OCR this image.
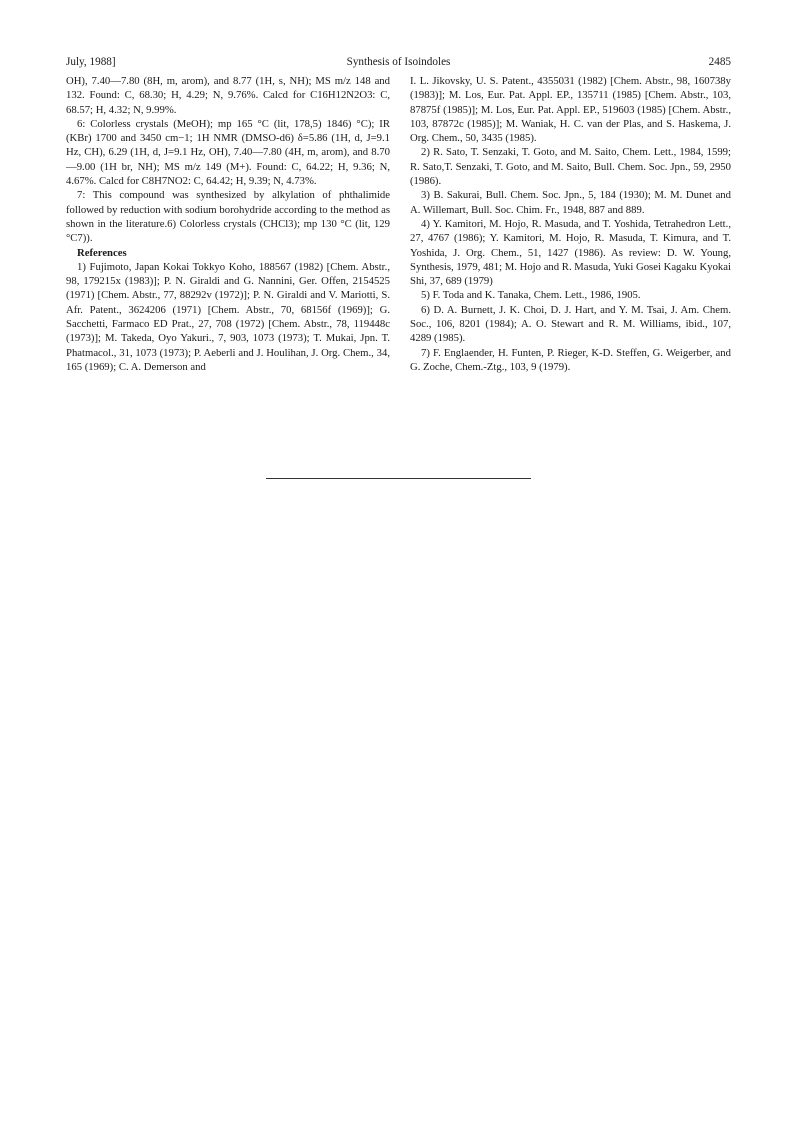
July, 1988]	Synthesis of Isoindoles	2485

OH), 7.40—7.80 (8H, m, arom), and 8.77 (1H, s, NH); MS m/z 148 and 132. Found: C, 68.30; H, 4.29; N, 9.76%. Calcd for C16H12N2O3: C, 68.57; H, 4.32; N, 9.99%.

6: Colorless crystals (MeOH); mp 165 °C (lit, 178,5) 1846) °C); IR (KBr) 1700 and 3450 cm−1; 1H NMR (DMSO-d6) δ=5.86 (1H, d, J=9.1 Hz, CH), 6.29 (1H, d, J=9.1 Hz, OH), 7.40—7.80 (4H, m, arom), and 8.70—9.00 (1H br, NH); MS m/z 149 (M+). Found: C, 64.22; H, 9.36; N, 4.67%. Calcd for C8H7NO2: C, 64.42; H, 9.39; N, 4.73%.

7: This compound was synthesized by alkylation of phthalimide followed by reduction with sodium borohydride according to the method as shown in the literature.6) Colorless crystals (CHCl3); mp 130 °C (lit, 129 °C7)).

References

1) Fujimoto, Japan Kokai Tokkyo Koho, 188567 (1982) [Chem. Abstr., 98, 179215x (1983)]; P. N. Giraldi and G. Nannini, Ger. Offen, 2154525 (1971) [Chem. Abstr., 77, 88292v (1972)]; P. N. Giraldi and V. Mariotti, S. Afr. Patent., 3624206 (1971) [Chem. Abstr., 70, 68156f (1969)]; G. Sacchetti, Farmaco ED Prat., 27, 708 (1972) [Chem. Abstr., 78, 119448c (1973)]; M. Takeda, Oyo Yakuri., 7, 903, 1073 (1973); T. Mukai, Jpn. T. Phatmacol., 31, 1073 (1973); P. Aeberli and J. Houlihan, J. Org. Chem., 34, 165 (1969); C. A. Demerson and

I. L. Jikovsky, U. S. Patent., 4355031 (1982) [Chem. Abstr., 98, 160738y (1983)]; M. Los, Eur. Pat. Appl. EP., 135711 (1985) [Chem. Abstr., 103, 87875f (1985)]; M. Los, Eur. Pat. Appl. EP., 519603 (1985) [Chem. Abstr., 103, 87872c (1985)]; M. Waniak, H. C. van der Plas, and S. Haskema, J. Org. Chem., 50, 3435 (1985).

2) R. Sato, T. Senzaki, T. Goto, and M. Saito, Chem. Lett., 1984, 1599; R. Sato,T. Senzaki, T. Goto, and M. Saito, Bull. Chem. Soc. Jpn., 59, 2950 (1986).

3) B. Sakurai, Bull. Chem. Soc. Jpn., 5, 184 (1930); M. M. Dunet and A. Willemart, Bull. Soc. Chim. Fr., 1948, 887 and 889.

4) Y. Kamitori, M. Hojo, R. Masuda, and T. Yoshida, Tetrahedron Lett., 27, 4767 (1986); Y. Kamitori, M. Hojo, R. Masuda, T. Kimura, and T. Yoshida, J. Org. Chem., 51, 1427 (1986). As review: D. W. Young, Synthesis, 1979, 481; M. Hojo and R. Masuda, Yuki Gosei Kagaku Kyokai Shi, 37, 689 (1979)

5) F. Toda and K. Tanaka, Chem. Lett., 1986, 1905.

6) D. A. Burnett, J. K. Choi, D. J. Hart, and Y. M. Tsai, J. Am. Chem. Soc., 106, 8201 (1984); A. O. Stewart and R. M. Williams, ibid., 107, 4289 (1985).

7) F. Englaender, H. Funten, P. Rieger, K-D. Steffen, G. Weigerber, and G. Zoche, Chem.-Ztg., 103, 9 (1979).
